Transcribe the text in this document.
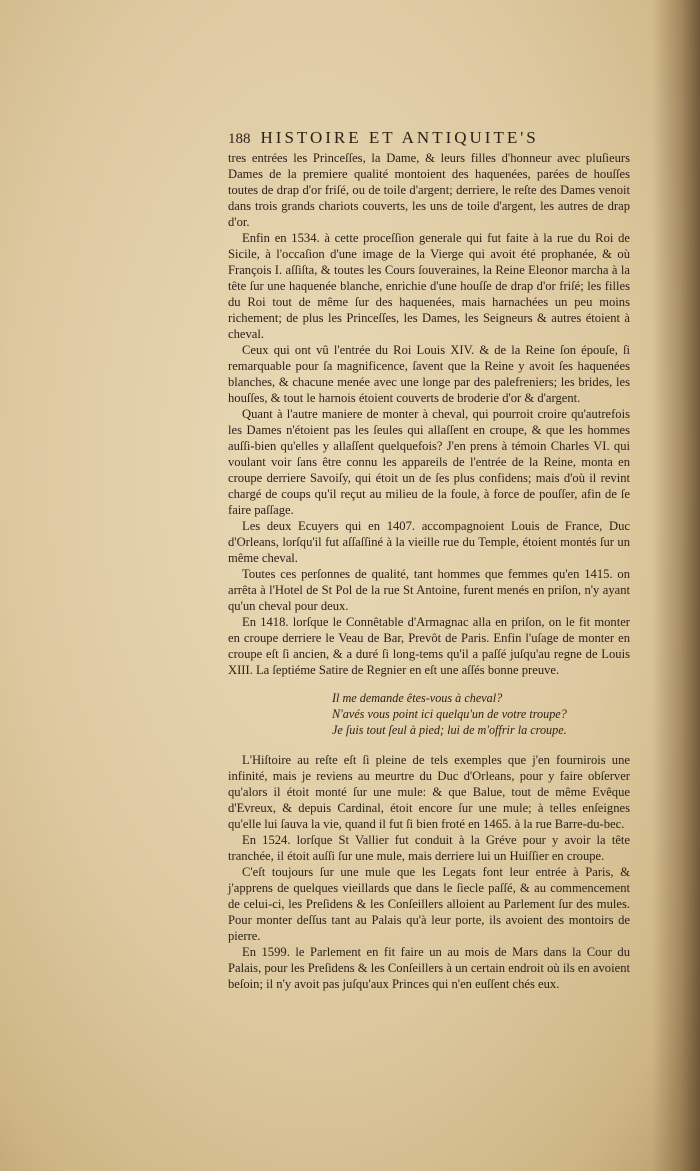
188 HISTOIRE ET ANTIQUITE'S

tres entrées les Princeſſes, la Dame, & leurs filles d'honneur avec pluſieurs Dames de la premiere qualité montoient des haquenées, parées de houſſes toutes de drap d'or friſé, ou de toile d'argent; derriere, le reſte des Dames venoit dans trois grands chariots couverts, les uns de toile d'argent, les autres de drap d'or.

Enfin en 1534. à cette proceſſion generale qui fut faite à la rue du Roi de Sicile, à l'occaſion d'une image de la Vierge qui avoit été prophanée, & où François I. aſſiſta, & toutes les Cours ſouveraines, la Reine Eleonor marcha à la tête ſur une haquenée blanche, enrichie d'une houſſe de drap d'or friſé; les filles du Roi tout de même ſur des haquenées, mais harnachées un peu moins richement; de plus les Princeſſes, les Dames, les Seigneurs & autres étoient à cheval.

Ceux qui ont vû l'entrée du Roi Louis XIV. & de la Reine ſon épouſe, ſi remarquable pour ſa magnificence, ſavent que la Reine y avoit ſes haquenées blanches, & chacune menée avec une longe par des palefreniers; les brides, les houſſes, & tout le harnois étoient couverts de broderie d'or & d'argent.

Quant à l'autre maniere de monter à cheval, qui pourroit croire qu'autrefois les Dames n'étoient pas les ſeules qui allaſſent en croupe, & que les hommes auſſi-bien qu'elles y allaſſent quelquefois? J'en prens à témoin Charles VI. qui voulant voir ſans être connu les appareils de l'entrée de la Reine, monta en croupe derriere Savoiſy, qui étoit un de ſes plus confidens; mais d'où il revint chargé de coups qu'il reçut au milieu de la foule, à force de pouſſer, afin de ſe faire paſſage.

Les deux Ecuyers qui en 1407. accompagnoient Louis de France, Duc d'Orleans, lorſqu'il fut aſſaſſiné à la vieille rue du Temple, étoient montés ſur un même cheval.

Toutes ces perſonnes de qualité, tant hommes que femmes qu'en 1415. on arrêta à l'Hotel de St Pol de la rue St Antoine, furent menés en priſon, n'y ayant qu'un cheval pour deux.

En 1418. lorſque le Connêtable d'Armagnac alla en priſon, on le fit monter en croupe derriere le Veau de Bar, Prevôt de Paris. Enfin l'uſage de monter en croupe eſt ſi ancien, & a duré ſi long-tems qu'il a paſſé juſqu'au regne de Louis XIII. La ſeptiéme Satire de Regnier en eſt une aſſés bonne preuve.

Il me demande êtes-vous à cheval?
N'avés vous point ici quelqu'un de votre troupe?
Je ſuis tout ſeul à pied; lui de m'offrir la croupe.

L'Hiſtoire au reſte eſt ſi pleine de tels exemples que j'en fournirois une infinité, mais je reviens au meurtre du Duc d'Orleans, pour y faire obſerver qu'alors il étoit monté ſur une mule: & que Balue, tout de même Evêque d'Evreux, & depuis Cardinal, étoit encore ſur une mule; à telles enſeignes qu'elle lui ſauva la vie, quand il fut ſi bien froté en 1465. à la rue Barre-du-bec.

En 1524. lorſque St Vallier fut conduit à la Gréve pour y avoir la tête tranchée, il étoit auſſi ſur une mule, mais derriere lui un Huiſſier en croupe.

C'eſt toujours ſur une mule que les Legats font leur entrée à Paris, & j'apprens de quelques vieillards que dans le ſiecle paſſé, & au commencement de celui-ci, les Preſidens & les Conſeillers alloient au Parlement ſur des mules. Pour monter deſſus tant au Palais qu'à leur porte, ils avoient des montoirs de pierre.

En 1599. le Parlement en fit faire un au mois de Mars dans la Cour du Palais, pour les Preſidens & les Conſeillers à un certain endroit où ils en avoient beſoin; il n'y avoit pas juſqu'aux Princes qui n'en euſſent chés eux.
